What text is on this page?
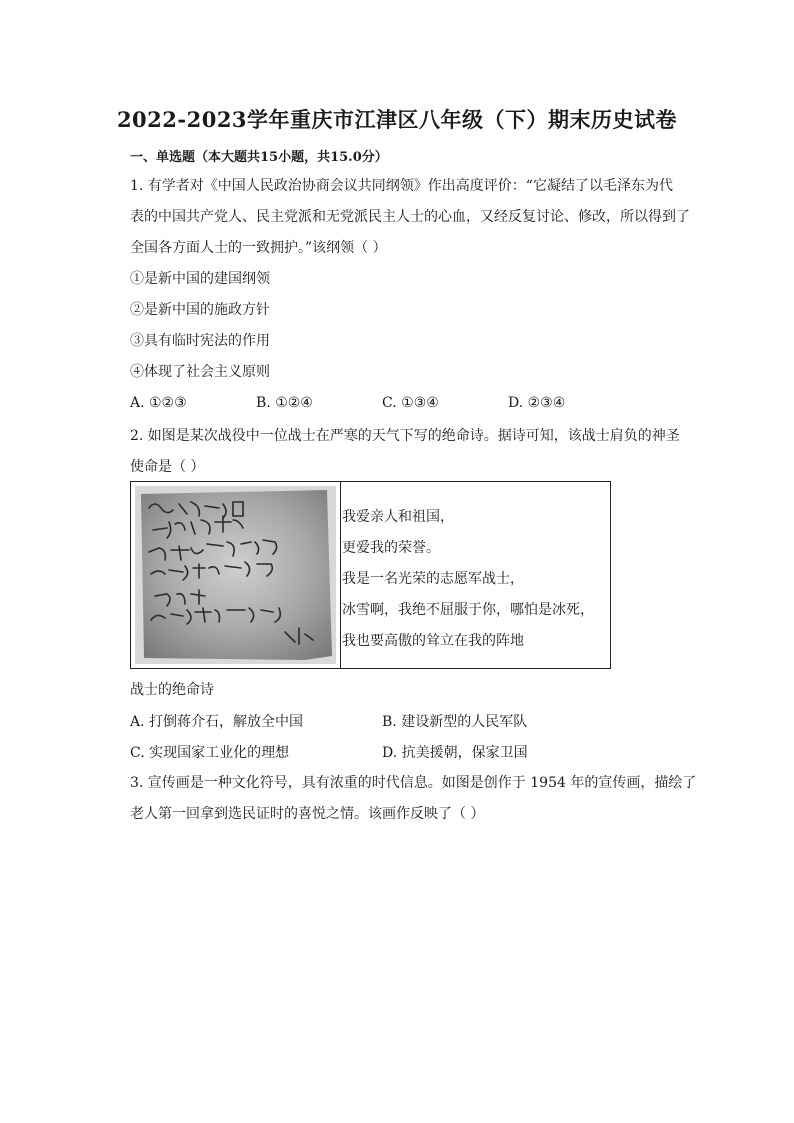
2022-2023学年重庆市江津区八年级（下）期末历史试卷
一、单选题（本大题共15小题，共15.0分）
1. 有学者对《中国人民政治协商会议共同纲领》作出高度评价：“它凝结了以毛泽东为代
表的中国共产党人、民主党派和无党派民主人士的心血，又经反复讨论、修改，所以得到了
全国各方面人士的一致拥护。”该纲领（ ）
①是新中国的建国纲领
②是新中国的施政方针
③具有临时宪法的作用
④体现了社会主义原则
A. ①②③	B. ①②④	C. ①③④	D. ②③④
2. 如图是某次战役中一位战士在严寒的天气下写的绝命诗。据诗可知，该战士肩负的神圣
使命是（ ）
我爱亲人和祖国，
更爱我的荣誉。
我是一名光荣的志愿军战士，
冰雪啊，我绝不屈服于你，哪怕是冰死，
我也要高傲的耸立在我的阵地
战士的绝命诗
A. 打倒蒋介石，解放全中国	B. 建设新型的人民军队
C. 实现国家工业化的理想	D. 抗美援朝，保家卫国
3. 宣传画是一种文化符号，具有浓重的时代信息。如图是创作于 1954 年的宣传画，描绘了
老人第一回拿到选民证时的喜悦之情。该画作反映了（ ）
